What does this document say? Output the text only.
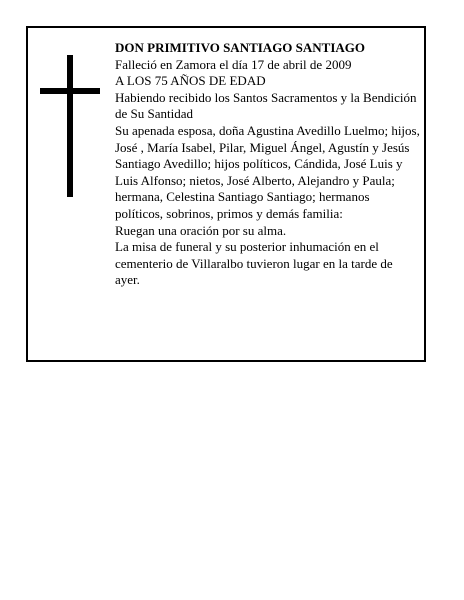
DON PRIMITIVO SANTIAGO SANTIAGO

Falleció en Zamora el día 17 de abril de 2009

A LOS 75 AÑOS DE EDAD

Habiendo recibido los Santos Sacramentos y la Bendición de Su Santidad

Su apenada esposa, doña Agustina Avedillo Luelmo; hijos, José , María Isabel, Pilar, Miguel Ángel, Agustín y Jesús Santiago Avedillo; hijos políticos, Cándida, José Luis y Luis Alfonso; nietos, José Alberto, Alejandro y Paula; hermana, Celestina Santiago Santiago; hermanos políticos, sobrinos, primos y demás familia:

Ruegan una oración por su alma.

La misa de funeral y su posterior inhumación en el cementerio de Villaralbo tuvieron lugar en la tarde de ayer.
